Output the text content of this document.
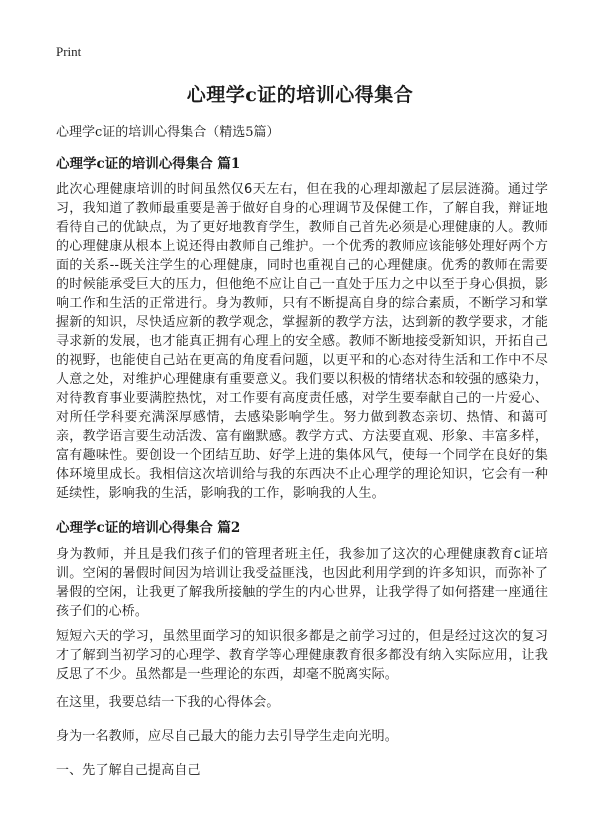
Print
心理学c证的培训心得集合
心理学c证的培训心得集合（精选5篇）
心理学c证的培训心得集合 篇1

此次心理健康培训的时间虽然仅6天左右，但在我的心理却激起了层层涟漪。通过学习，我知道了教师最重要是善于做好自身的心理调节及保健工作，了解自我，辩证地看待自己的优缺点，为了更好地教育学生，教师自己首先必须是心理健康的人。教师的心理健康从根本上说还得由教师自己维护。一个优秀的教师应该能够处理好两个方面的关系--既关注学生的心理健康，同时也重视自己的心理健康。优秀的教师在需要的时候能承受巨大的压力，但他绝不应让自己一直处于压力之中以至于身心俱损，影响工作和生活的正常进行。身为教师，只有不断提高自身的综合素质，不断学习和掌握新的知识，尽快适应新的教学观念，掌握新的教学方法，达到新的教学要求，才能寻求新的发展，也才能真正拥有心理上的安全感。教师不断地接受新知识，开拓自己的视野，也能使自己站在更高的角度看问题，以更平和的心态对待生活和工作中不尽人意之处，对维护心理健康有重要意义。我们要以积极的情绪状态和较强的感染力，对待教育事业要满腔热忱，对工作要有高度责任感，对学生要奉献自己的一片爱心、对所任学科要充满深厚感情，去感染影响学生。努力做到教态亲切、热情、和蔼可亲，教学语言要生动活泼、富有幽默感。教学方式、方法要直观、形象、丰富多样，富有趣味性。要创设一个团结互助、好学上进的集体风气，使每一个同学在良好的集体环境里成长。我相信这次培训给与我的东西决不止心理学的理论知识，它会有一种延续性，影响我的生活，影响我的工作，影响我的人生。

心理学c证的培训心得集合 篇2

身为教师，并且是我们孩子们的管理者班主任，我参加了这次的心理健康教育c证培训。空闲的暑假时间因为培训让我受益匪浅，也因此利用学到的许多知识，而弥补了暑假的空闲，让我更了解我所接触的学生的内心世界，让我学得了如何搭建一座通往孩子们的心桥。

短短六天的学习，虽然里面学习的知识很多都是之前学习过的，但是经过这次的复习才了解到当初学习的心理学、教育学等心理健康教育很多都没有纳入实际应用，让我反思了不少。虽然都是一些理论的东西，却毫不脱离实际。

在这里，我要总结一下我的心得体会。

身为一名教师，应尽自己最大的能力去引导学生走向光明。

一、先了解自己提高自己
